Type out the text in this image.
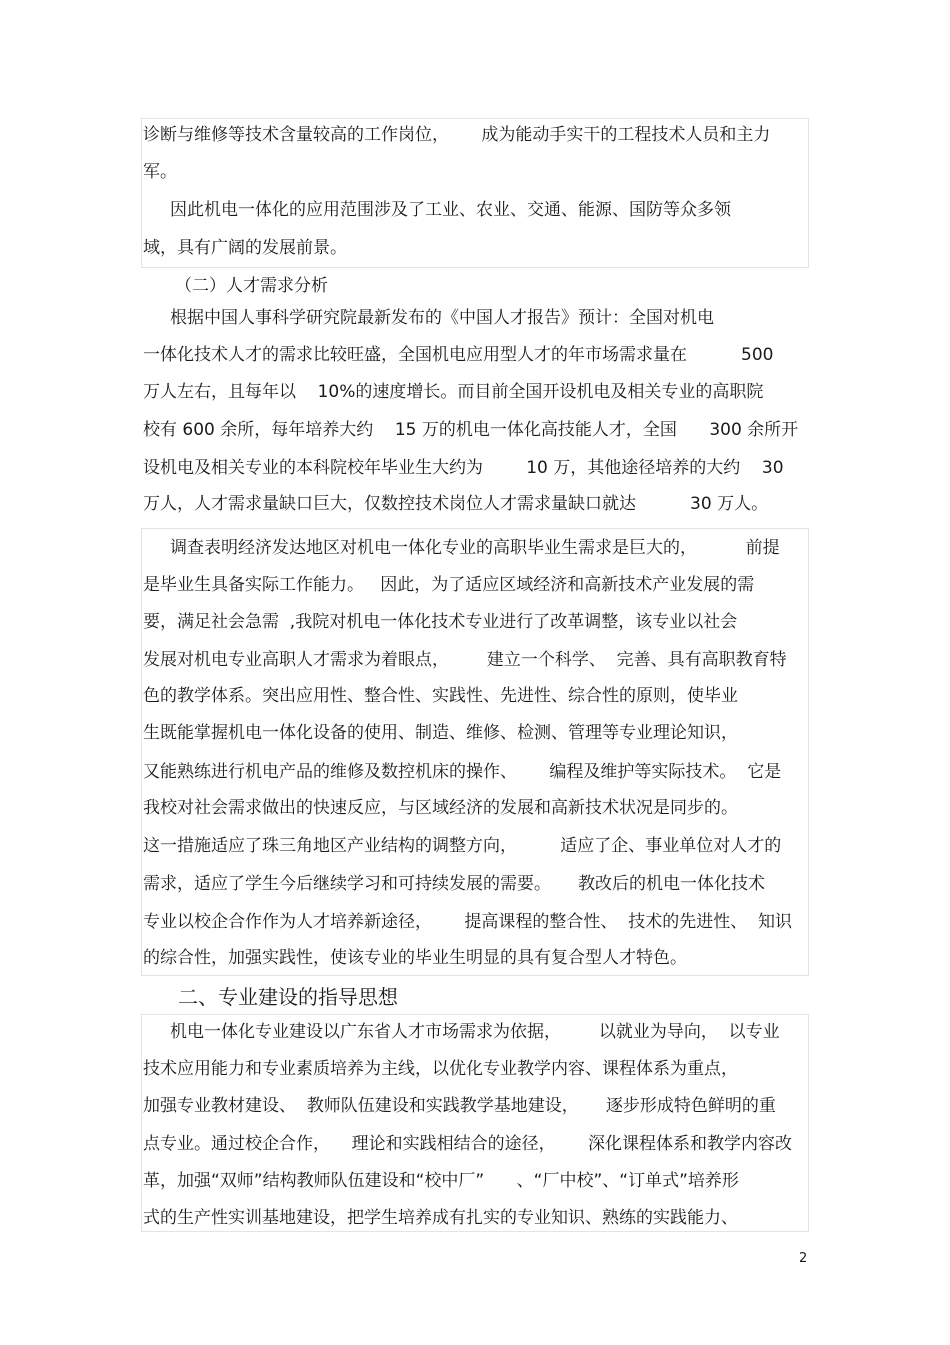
诊断与维修等技术含量较高的工作岗位，      成为能动手实干的工程技术人员和主力
军。
因此机电一体化的应用范围涉及了工业、农业、交通、能源、国防等众多领
域，具有广阔的发展前景。
（二）人才需求分析
根据中国人事科学研究院最新发布的《中国人才报告》预计：全国对机电
一体化技术人才的需求比较旺盛，全国机电应用型人才的年市场需求量在          500
万人左右，且每年以    10%的速度增长。而目前全国开设机电及相关专业的高职院
校有 600 余所，每年培养大约    15 万的机电一体化高技能人才，全国      300 余所开
设机电及相关专业的本科院校年毕业生大约为        10 万，其他途径培养的大约    30
万人，人才需求量缺口巨大，仅数控技术岗位人才需求量缺口就达          30 万人。
调查表明经济发达地区对机电一体化专业的高职毕业生需求是巨大的，         前提
是毕业生具备实际工作能力。   因此，为了适应区域经济和高新技术产业发展的需
要，满足社会急需  ,我院对机电一体化技术专业进行了改革调整，该专业以社会
发展对机电专业高职人才需求为着眼点，       建立一个科学、  完善、具有高职教育特
色的教学体系。突出应用性、整合性、实践性、先进性、综合性的原则，使毕业
生既能掌握机电一体化设备的使用、制造、维修、检测、管理等专业理论知识，
又能熟练进行机电产品的维修及数控机床的操作、      编程及维护等实际技术。  它是
我校对社会需求做出的快速反应，与区域经济的发展和高新技术状况是同步的。
这一措施适应了珠三角地区产业结构的调整方向，        适应了企、事业单位对人才的
需求，适应了学生今后继续学习和可持续发展的需要。     教改后的机电一体化技术
专业以校企合作作为人才培养新途径，      提高课程的整合性、  技术的先进性、  知识
的综合性，加强实践性，使该专业的毕业生明显的具有复合型人才特色。
二、专业建设的指导思想
机电一体化专业建设以广东省人才市场需求为依据，       以就业为导向，  以专业
技术应用能力和专业素质培养为主线，以优化专业教学内容、课程体系为重点，
加强专业教材建设、  教师队伍建设和实践教学基地建设，     逐步形成特色鲜明的重
点专业。通过校企合作，    理论和实践相结合的途径，      深化课程体系和教学内容改
革，加强“双师”结构教师队伍建设和“校中厂”      、“厂中校”、“订单式”培养形
式的生产性实训基地建设，把学生培养成有扎实的专业知识、熟练的实践能力、
2
